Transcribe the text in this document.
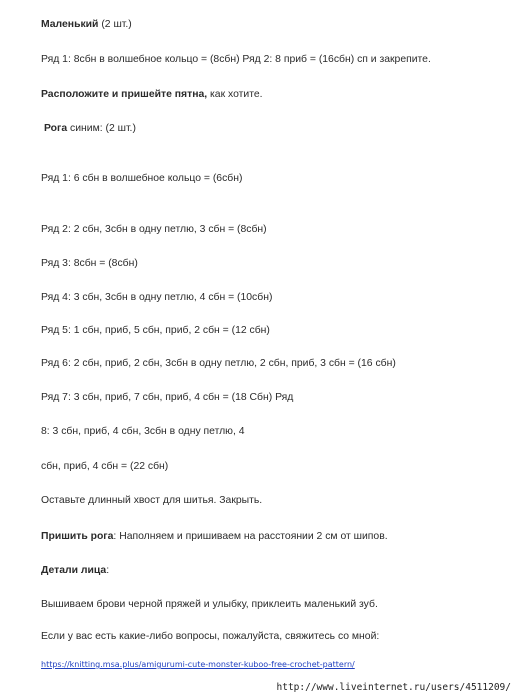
Маленький (2 шт.)
Ряд 1: 8сбн в волшебное кольцо = (8сбн) Ряд 2: 8 приб = (16сбн) сп и закрепите.
Расположите и пришейте пятна, как хотите.
Рога синим: (2 шт.)
Ряд 1: 6 сбн в волшебное кольцо = (6сбн)
Ряд 2: 2 сбн, 3сбн в одну петлю, 3 сбн = (8сбн)
Ряд 3: 8сбн = (8сбн)
Ряд 4: 3 сбн, 3сбн в одну петлю, 4 сбн = (10сбн)
Ряд 5: 1 сбн, приб, 5 сбн, приб, 2 сбн = (12 сбн)
Ряд 6: 2 сбн, приб, 2 сбн, 3сбн в одну петлю, 2 сбн, приб, 3 сбн = (16 сбн)
Ряд 7: 3 сбн, приб, 7 сбн, приб, 4 сбн = (18 Сбн) Ряд
8: 3 сбн, приб, 4 сбн, 3сбн в одну петлю, 4
сбн, приб, 4 сбн = (22 сбн)
Оставьте длинный хвост для шитья. Закрыть.
Пришить рога: Наполняем и пришиваем на расстоянии 2 см от шипов.
Детали лица:
Вышиваем брови черной пряжей и улыбку, приклеить маленький зуб.
Если у вас есть какие-либо вопросы, пожалуйста, свяжитесь со мной:
https://knitting.msa.plus/amigurumi-cute-monster-kuboo-free-crochet-pattern/
http://www.liveinternet.ru/users/4511209/
